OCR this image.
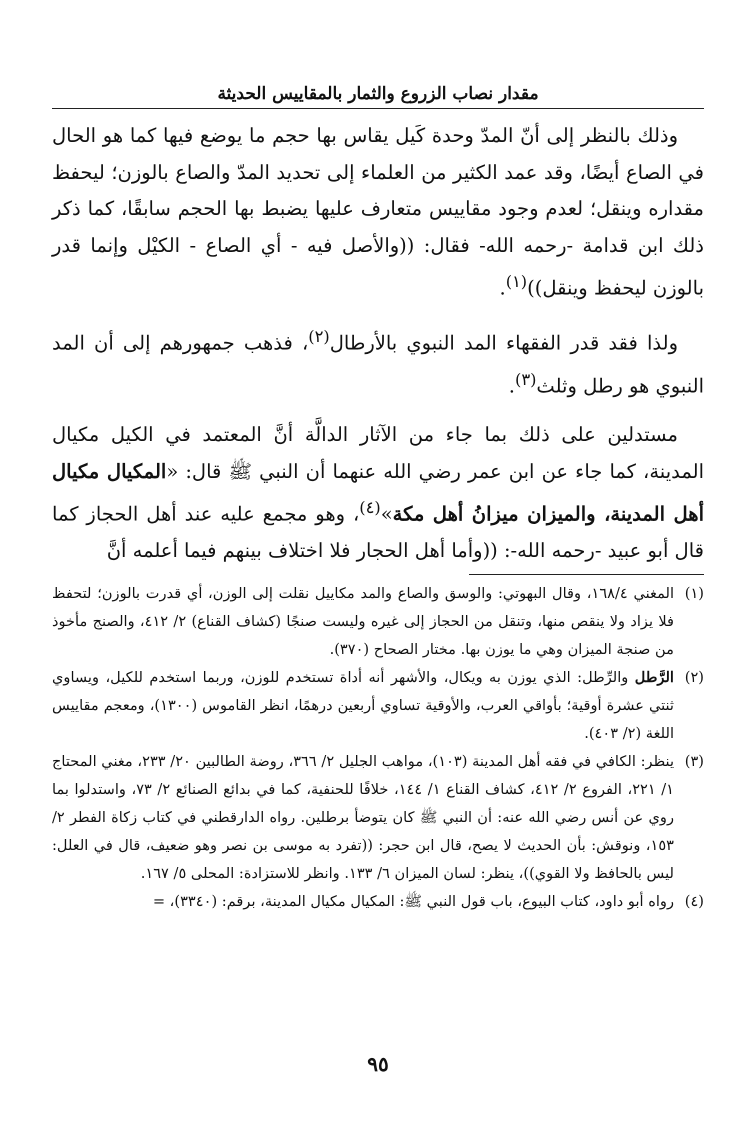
مقدار نصاب الزروع والثمار بالمقاييس الحديثة

وذلك بالنظر إلى أنّ المدّ وحدة كَيل يقاس بها حجم ما يوضع فيها كما هو الحال في الصاع أيضًا، وقد عمد الكثير من العلماء إلى تحديد المدّ والصاع بالوزن؛ ليحفظ مقداره وينقل؛ لعدم وجود مقاييس متعارف عليها يضبط بها الحجم سابقًا، كما ذكر ذلك ابن قدامة -رحمه الله- فقال: ((والأصل فيه - أي الصاع - الكيْل وإنما قدر بالوزن ليحفظ وينقل))$^{(١)}$.

ولذا فقد قدر الفقهاء المد النبوي بالأرطال$^{(٢)}$، فذهب جمهورهم إلى أن المد النبوي هو رطل وثلث$^{(٣)}$.

مستدلين على ذلك بما جاء من الآثار الدالَّة أنَّ المعتمد في الكيل مكيال المدينة، كما جاء عن ابن عمر رضي الله عنهما أن النبي ﷺ قال: «المكيال مكيال أهل المدينة، والميزان ميزانُ أهل مكة»$^{(٤)}$، وهو مجمع عليه عند أهل الحجاز كما قال أبو عبيد -رحمه الله-: ((وأما أهل الحجار فلا اختلاف بينهم فيما أعلمه أنَّ

(١)
المغني ١٦٨/٤، وقال البهوتي: والوسق والصاع والمد مكاييل نقلت إلى الوزن، أي قدرت بالوزن؛ لتحفظ فلا يزاد ولا ينقص منها، وتنقل من الحجاز إلى غيره وليست صنجًا (كشاف القناع) ٢/ ٤١٢، والصنج مأخوذ من صنجة الميزان وهي ما يوزن بها. مختار الصحاح (٣٧٠).
(٢)
الرَّطل والرِّطل: الذي يوزن به ويكال، والأشهر أنه أداة تستخدم للوزن، وربما استخدم للكيل، ويساوي ثنتي عشرة أوقية؛ بأواقي العرب، والأوقية تساوي أربعين درهمًا، انظر القاموس (١٣٠٠)، ومعجم مقاييس اللغة (٢/ ٤٠٣).
(٣)
ينظر: الكافي في فقه أهل المدينة (١٠٣)، مواهب الجليل ٢/ ٣٦٦، روضة الطالبين ٢٠/ ٢٣٣، مغني المحتاج ١/ ٢٢١، الفروع ٢/ ٤١٢، كشاف القناع ١/ ١٤٤، خلافًا للحنفية، كما في بدائع الصنائع ٢/ ٧٣، واستدلوا بما روي عن أنس رضي الله عنه: أن النبي ﷺ كان يتوضأ برطلين. رواه الدارقطني في كتاب زكاة الفطر ٢/ ١٥٣، ونوقش: بأن الحديث لا يصح، قال ابن حجر: ((تفرد به موسى بن نصر وهو ضعيف، قال في العلل: ليس بالحافظ ولا القوي))، ينظر: لسان الميزان ٦/ ١٣٣. وانظر للاستزادة: المحلى ٥/ ١٦٧.
(٤)
رواه أبو داود، كتاب البيوع، باب قول النبي ﷺ: المكيال مكيال المدينة، برقم: (٣٣٤٠)، =
٩٥
